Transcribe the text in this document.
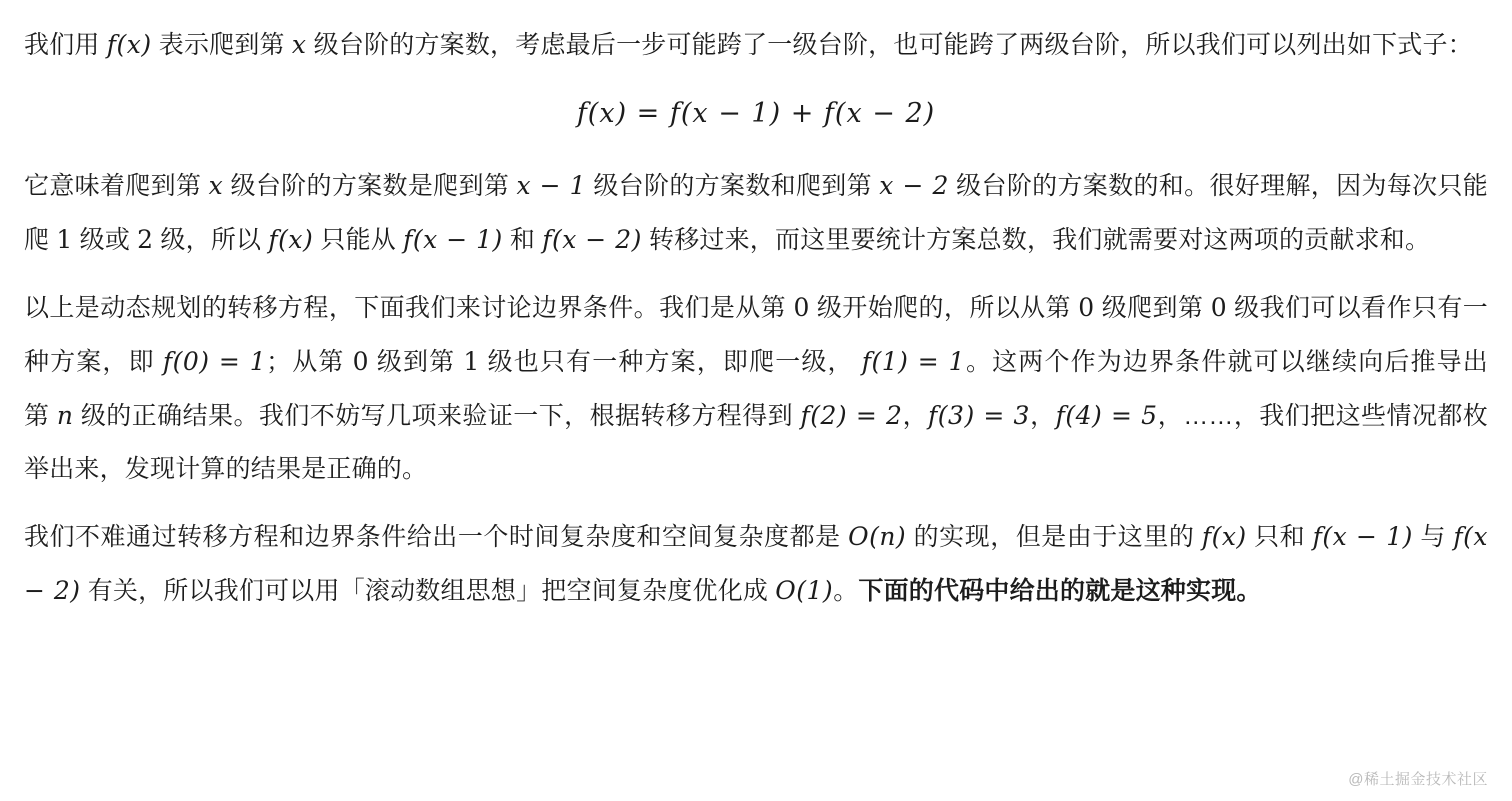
我们用 f(x) 表示爬到第 x 级台阶的方案数，考虑最后一步可能跨了一级台阶，也可能跨了两级台阶，所以我们可以列出如下式子：

f(x) = f(x − 1) + f(x − 2)

它意味着爬到第 x 级台阶的方案数是爬到第 x − 1 级台阶的方案数和爬到第 x − 2 级台阶的方案数的和。很好理解，因为每次只能爬 1 级或 2 级，所以 f(x) 只能从 f(x − 1) 和 f(x − 2) 转移过来，而这里要统计方案总数，我们就需要对这两项的贡献求和。

以上是动态规划的转移方程，下面我们来讨论边界条件。我们是从第 0 级开始爬的，所以从第 0 级爬到第 0 级我们可以看作只有一种方案，即 f(0) = 1；从第 0 级到第 1 级也只有一种方案，即爬一级， f(1) = 1。这两个作为边界条件就可以继续向后推导出第 n 级的正确结果。我们不妨写几项来验证一下，根据转移方程得到 f(2) = 2，f(3) = 3，f(4) = 5，……，我们把这些情况都枚举出来，发现计算的结果是正确的。

我们不难通过转移方程和边界条件给出一个时间复杂度和空间复杂度都是 O(n) 的实现，但是由于这里的 f(x) 只和 f(x − 1) 与 f(x − 2) 有关，所以我们可以用「滚动数组思想」把空间复杂度优化成 O(1)。下面的代码中给出的就是这种实现。

@稀土掘金技术社区
